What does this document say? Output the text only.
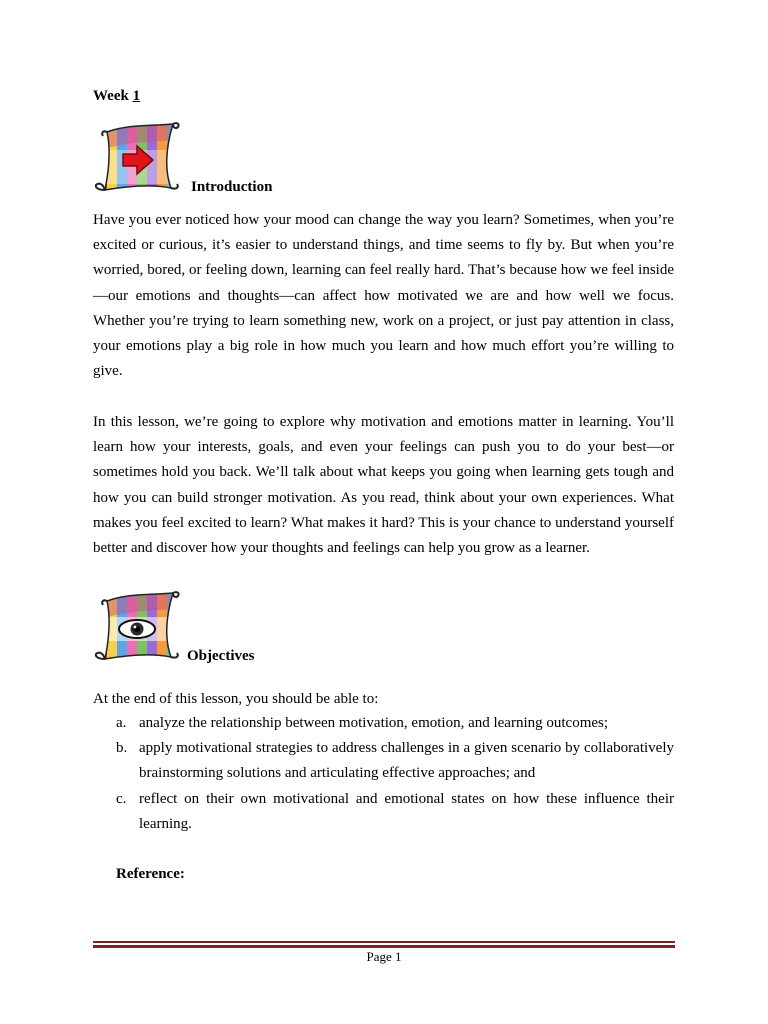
Week 1
Introduction

Have you ever noticed how your mood can change the way you learn? Sometimes, when you’re excited or curious, it’s easier to understand things, and time seems to fly by. But when you’re worried, bored, or feeling down, learning can feel really hard. That’s because how we feel inside—our emotions and thoughts—can affect how motivated we are and how well we focus. Whether you’re trying to learn something new, work on a project, or just pay attention in class, your emotions play a big role in how much you learn and how much effort you’re willing to give.

In this lesson, we’re going to explore why motivation and emotions matter in learning. You’ll learn how your interests, goals, and even your feelings can push you to do your best—or sometimes hold you back. We’ll talk about what keeps you going when learning gets tough and how you can build stronger motivation. As you read, think about your own experiences. What makes you feel excited to learn? What makes it hard? This is your chance to understand yourself better and discover how your thoughts and feelings can help you grow as a learner.

Objectives
At the end of this lesson, you should be able to:
a. analyze the relationship between motivation, emotion, and learning outcomes;
b. apply motivational strategies to address challenges in a given scenario by collaboratively brainstorming solutions and articulating effective approaches; and
c. reflect on their own motivational and emotional states on how these influence their learning.
Reference:
Page 1
